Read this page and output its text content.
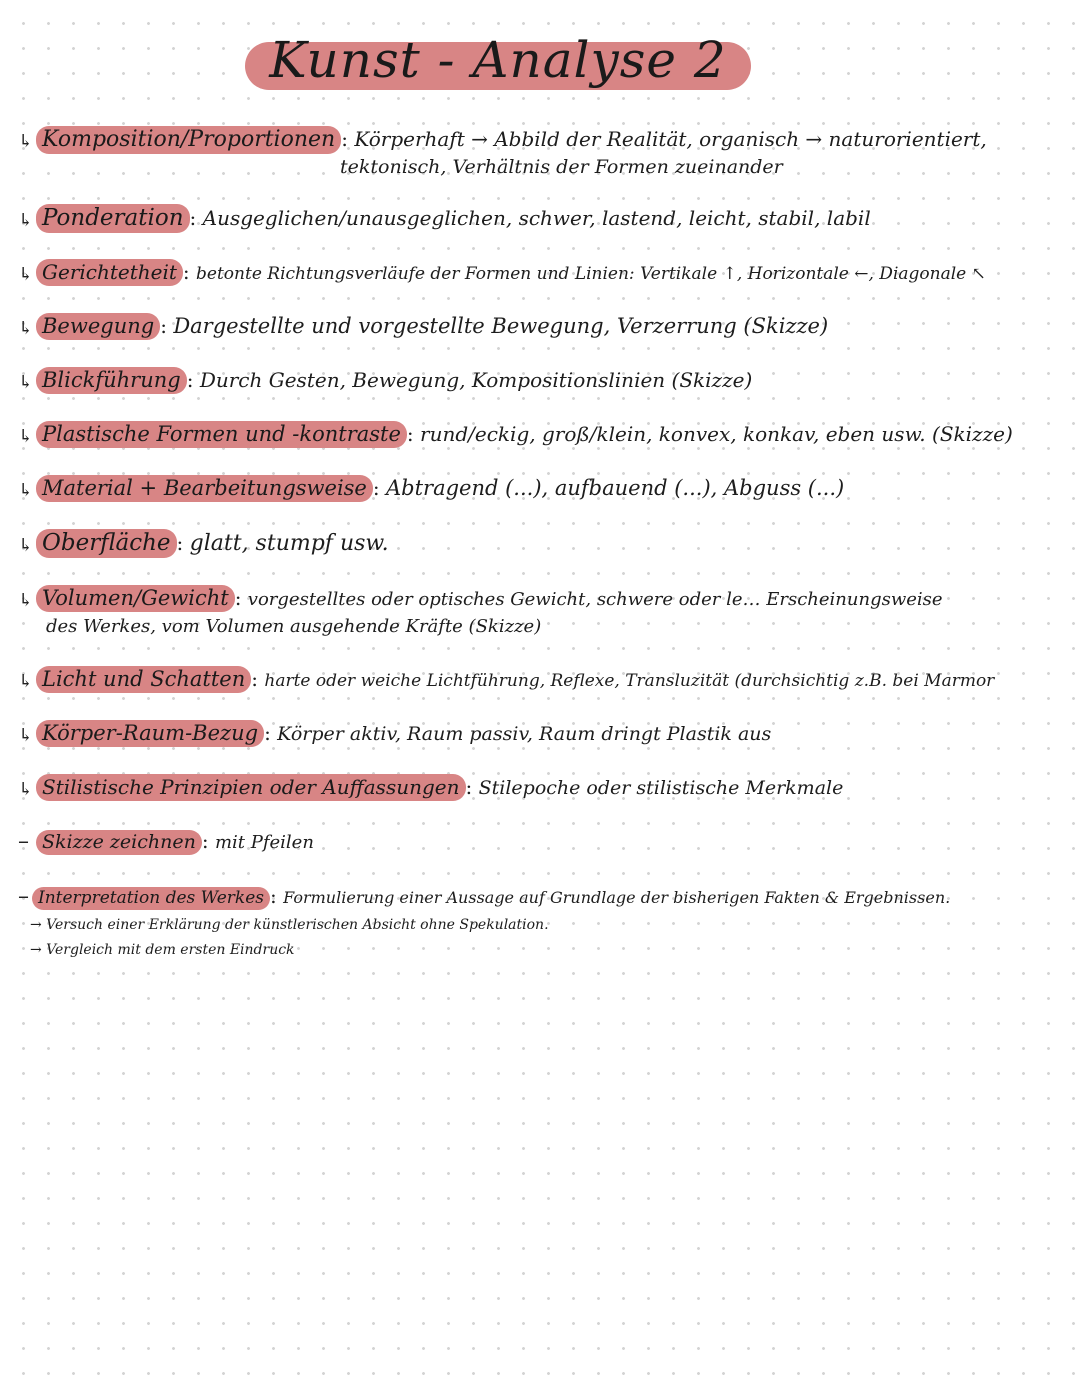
Kunst - Analyse 2
↳ Komposition/Proportionen : Körperhaft → Abbild der Realität, organisch → naturorientiert,
tektonisch, Verhältnis der Formen zueinander
↳ Ponderation : Ausgeglichen/unausgeglichen, schwer, lastend, leicht, stabil, labil
↳ Gerichtetheit : betonte Richtungsverläufe der Formen und Linien: Vertikale ↑, Horizontale ←, Diagonale ↖
↳ Bewegung : Dargestellte und vorgestellte Bewegung, Verzerrung (Skizze)
↳ Blickführung : Durch Gesten, Bewegung, Kompositionslinien (Skizze)
↳ Plastische Formen und -kontraste : rund/eckig, groß/klein, konvex, konkav, eben usw. (Skizze)
↳ Material + Bearbeitungsweise : Abtragend (...), aufbauend (...), Abguss (...)
↳ Oberfläche : glatt, stumpf usw.
↳ Volumen/Gewicht : vorgestelltes oder optisches Gewicht, schwere oder le… Erscheinungsweise
des Werkes, vom Volumen ausgehende Kräfte (Skizze)
↳ Licht und Schatten : harte oder weiche Lichtführung, Reflexe, Transluzität (durchsichtig z.B. bei Marmor
↳ Körper-Raum-Bezug : Körper aktiv, Raum passiv, Raum dringt Plastik aus
↳ Stilistische Prinzipien oder Auffassungen : Stilepoche oder stilistische Merkmale
– Skizze zeichnen : mit Pfeilen
– Interpretation des Werkes : Formulierung einer Aussage auf Grundlage der bisherigen Fakten & Ergebnissen.
→ Versuch einer Erklärung der künstlerischen Absicht ohne Spekulation.
→ Vergleich mit dem ersten Eindruck
